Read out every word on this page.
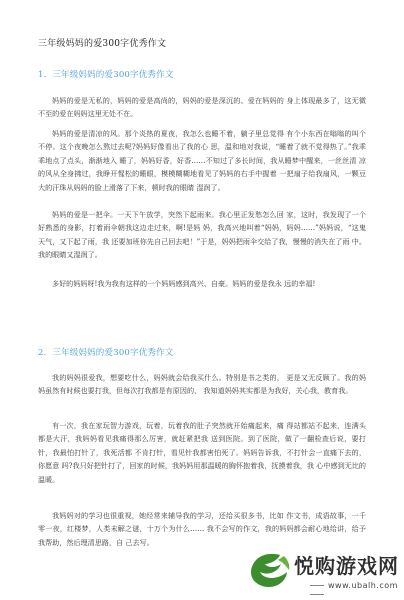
三年级妈妈的爱300字优秀作文
1．三年级妈妈的爱300字优秀作文
妈妈的爱是无私的，妈妈的爱是高尚的，妈妈的爱是深沉的、爱在妈妈的 身上体现最多了，这无微不至的爱在妈妈这里无处不在。
妈妈的爱是清凉的风。那个炎热的夏夜，我怎么也睡不着，躺子里总觉得 有个小东西在嗡嗡的叫个不停。这个夜晚怎么熬过去呢?妈妈好像看出了我的心 思，温和地对我说，“睡着了就不觉得热了。”我乖乖地点了点头，渐渐地入 睡了，妈妈好香，好香……不知过了多长时间，我从睡梦中醒来，一丝丝清 凉的风从全身拂过，我睁开惺松的睡眼，模模糊糊地看见了妈妈的右手中握着 一把扇子给我扇风，一颗豆大的汗珠从妈妈的脸上滑落了下来，顿时我的眼睛 湿润了。
妈妈的爱是一把伞。一天下午放学，突然下起雨来。我心里正发愁怎么回 家，这时，我发现了一个好熟悉的身影，打着雨伞朝我这边走过来，啊!是妈 妈，我高兴地叫着“妈妈，妈妈……”妈妈说，“这鬼天气，又下起了雨，我 还要加班你先自己回去吧！”于是，妈妈把雨伞交给了我，慢慢的消失在了雨 中。我的眼睛又湿润了。
多好的妈妈呀!我为我有这样的一个妈妈感到高兴、自豪。妈妈的爱是我永 远的幸福!
2．三年级妈妈的爱300字优秀作文
我的妈妈很爱我，想要吃什么，妈妈就会给我买什么。特别是书之类的， 更是又无反顾了。我的妈妈虽然有时候也要打我，但每次打我都是有原因的， 我知道妈妈其实都是为我好，关心我，教育我。
有一次，我在家玩智力游戏，玩着，玩着我的肚子突然就开始痛起来，痛 得站都站不起来，连满头都是大汗，我妈妈看见我痛得那么厉害，就赶紧把我 送到医院。到了医院，做了一翻检查后说，要打针，我最怕打针了，我死活都 不肯打针，看见针我都害怕死了。妈妈告诉我，不打针会一直痛下去的，你愿意 吗?我只好把针打了，回家的时候，我妈妈用那温暖的胸怀抱着我，抚摸着我，我 心中感到无比的温暖。
我妈妈对的学习也很重视，她经常来辅导我的学习，还给买很多书，比如 作文书，成语故事，一千零一夜，红楼梦，人类未解之谜，十万个为什么…… 我不会写的作文，我的妈妈都会耐心地给讲，给予我帮助，然后理清思路，自 己去写。
悦购游戏网
www.ubalh.com
